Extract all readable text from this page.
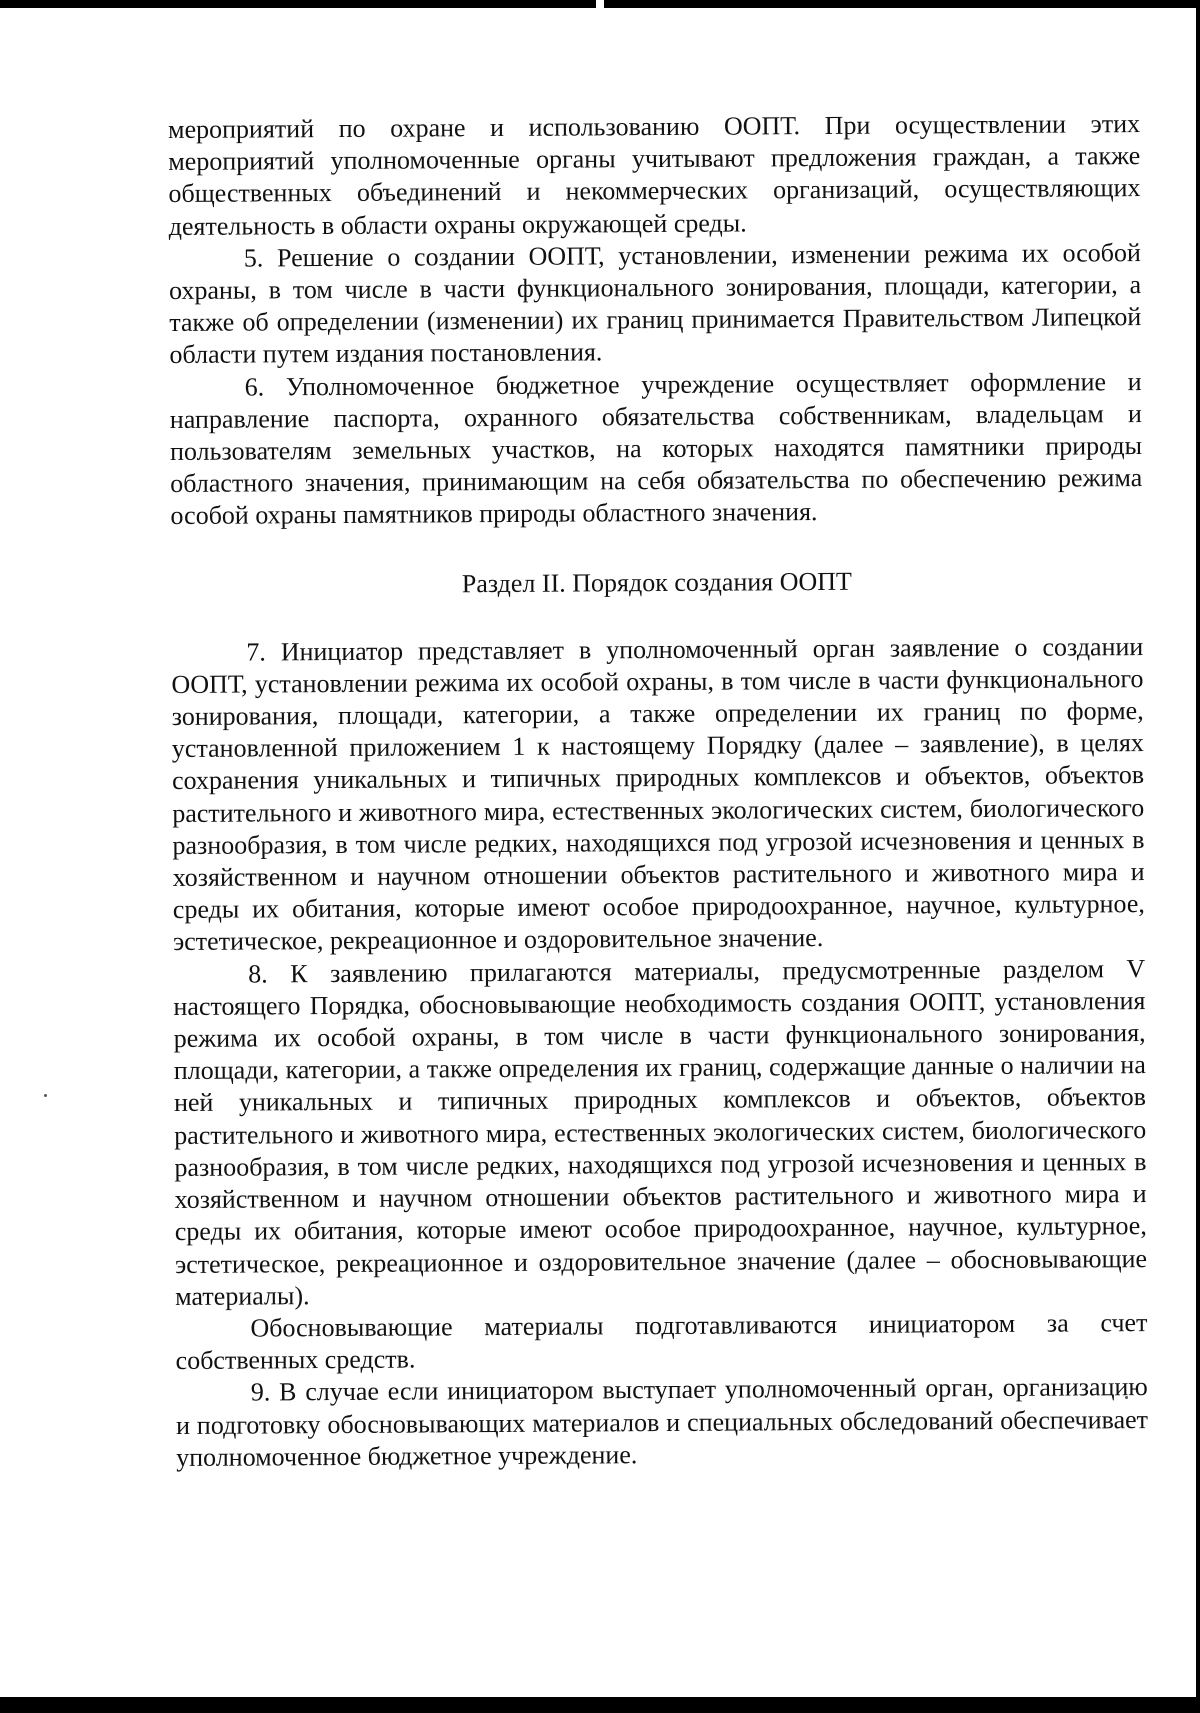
мероприятий по охране и использованию ООПТ. При осуществлении этих мероприятий уполномоченные органы учитывают предложения граждан, а также общественных объединений и некоммерческих организаций, осуществляющих деятельность в области охраны окружающей среды.

5. Решение о создании ООПТ, установлении, изменении режима их особой охраны, в том числе в части функционального зонирования, площади, категории, а также об определении (изменении) их границ принимается Правительством Липецкой области путем издания постановления.

6. Уполномоченное бюджетное учреждение осуществляет оформление и направление паспорта, охранного обязательства собственникам, владельцам и пользователям земельных участков, на которых находятся памятники природы областного значения, принимающим на себя обязательства по обеспечению режима особой охраны памятников природы областного значения.

Раздел II. Порядок создания ООПТ

7. Инициатор представляет в уполномоченный орган заявление о создании ООПТ, установлении режима их особой охраны, в том числе в части функционального зонирования, площади, категории, а также определении их границ по форме, установленной приложением 1 к настоящему Порядку (далее – заявление), в целях сохранения уникальных и типичных природных комплексов и объектов, объектов растительного и животного мира, естественных экологических систем, биологического разнообразия, в том числе редких, находящихся под угрозой исчезновения и ценных в хозяйственном и научном отношении объектов растительного и животного мира и среды их обитания, которые имеют особое природоохранное, научное, культурное, эстетическое, рекреационное и оздоровительное значение.

8. К заявлению прилагаются материалы, предусмотренные разделом V настоящего Порядка, обосновывающие необходимость создания ООПТ, установления режима их особой охраны, в том числе в части функционального зонирования, площади, категории, а также определения их границ, содержащие данные о наличии на ней уникальных и типичных природных комплексов и объектов, объектов растительного и животного мира, естественных экологических систем, биологического разнообразия, в том числе редких, находящихся под угрозой исчезновения и ценных в хозяйственном и научном отношении объектов растительного и животного мира и среды их обитания, которые имеют особое природоохранное, научное, культурное, эстетическое, рекреационное и оздоровительное значение (далее – обосновывающие материалы).

Обосновывающие материалы подготавливаются инициатором за счет собственных средств.

9. В случае если инициатором выступает уполномоченный орган, организацию и подготовку обосновывающих материалов и специальных обследований обеспечивает уполномоченное бюджетное учреждение.
